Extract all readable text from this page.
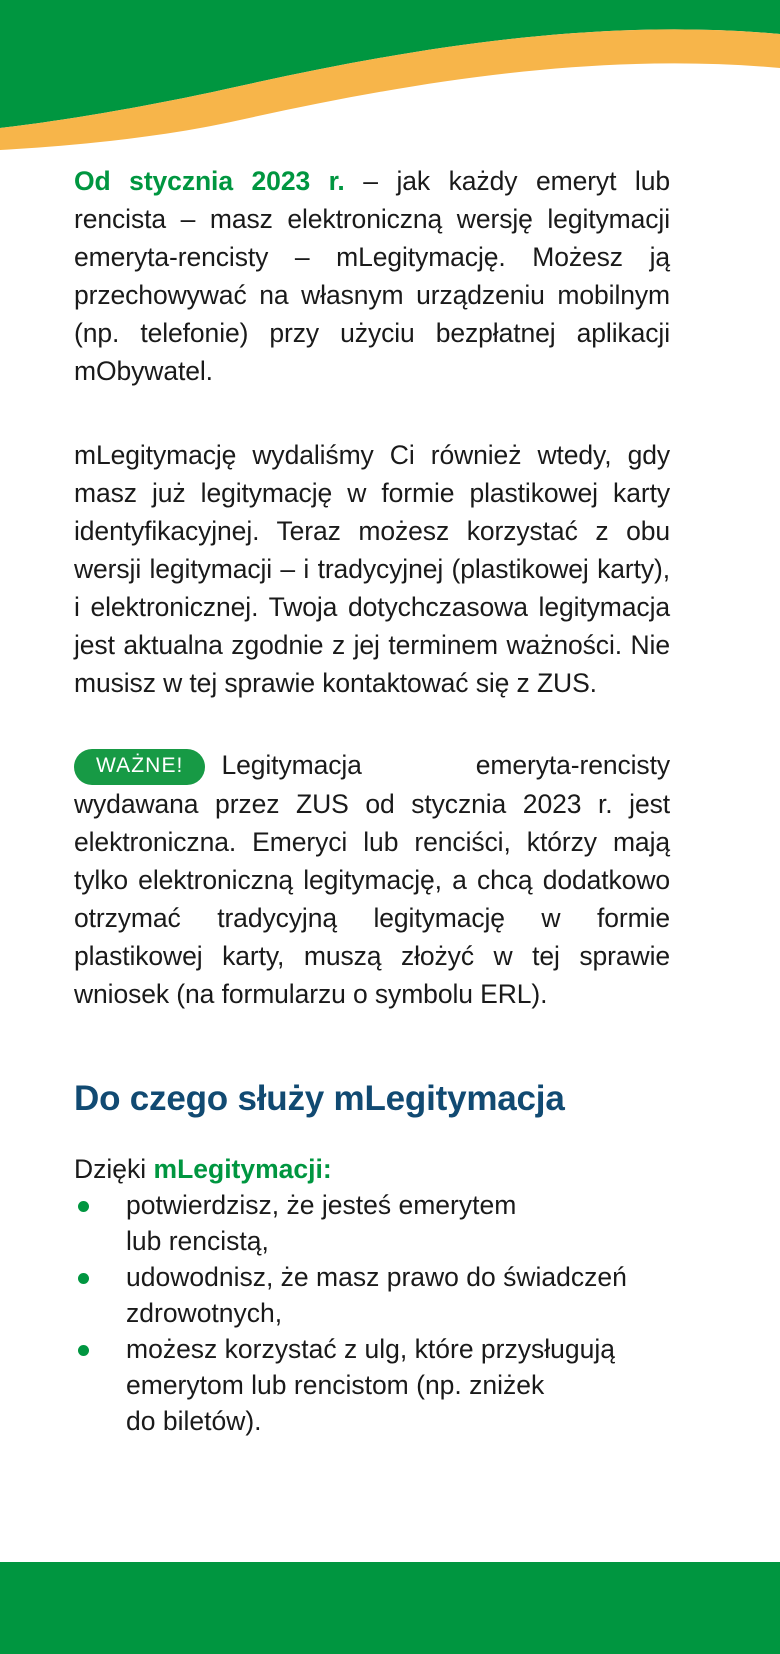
Od stycznia 2023 r. – jak każdy emeryt lub rencista – masz elektroniczną wersję legitymacji emeryta-rencisty – mLegitymację. Możesz ją przechowywać na własnym urządzeniu mobilnym (np. telefonie) przy użyciu bezpłatnej aplikacji mObywatel.

mLegitymację wydaliśmy Ci również wtedy, gdy masz już legitymację w formie plastikowej karty identyfikacyjnej. Teraz możesz korzystać z obu wersji legitymacji – i tradycyjnej (plastikowej karty), i elektronicznej. Twoja dotychczasowa legitymacja jest aktualna zgodnie z jej terminem ważności. Nie musisz w tej sprawie kontaktować się z ZUS.

WAŻNE! Legitymacja emeryta-rencisty wydawana przez ZUS od stycznia 2023 r. jest elektroniczna. Emeryci lub renciści, którzy mają tylko elektroniczną legitymację, a chcą dodatkowo otrzymać tradycyjną legitymację w formie plastikowej karty, muszą złożyć w tej sprawie wniosek (na formularzu o symbolu ERL).

Do czego służy mLegitymacja

Dzięki mLegitymacji:

potwierdzisz, że jesteś emerytem
lub rencistą,
udowodnisz, że masz prawo do świadczeń
zdrowotnych,
możesz korzystać z ulg, które przysługują
emerytom lub rencistom (np. zniżek
do biletów).
